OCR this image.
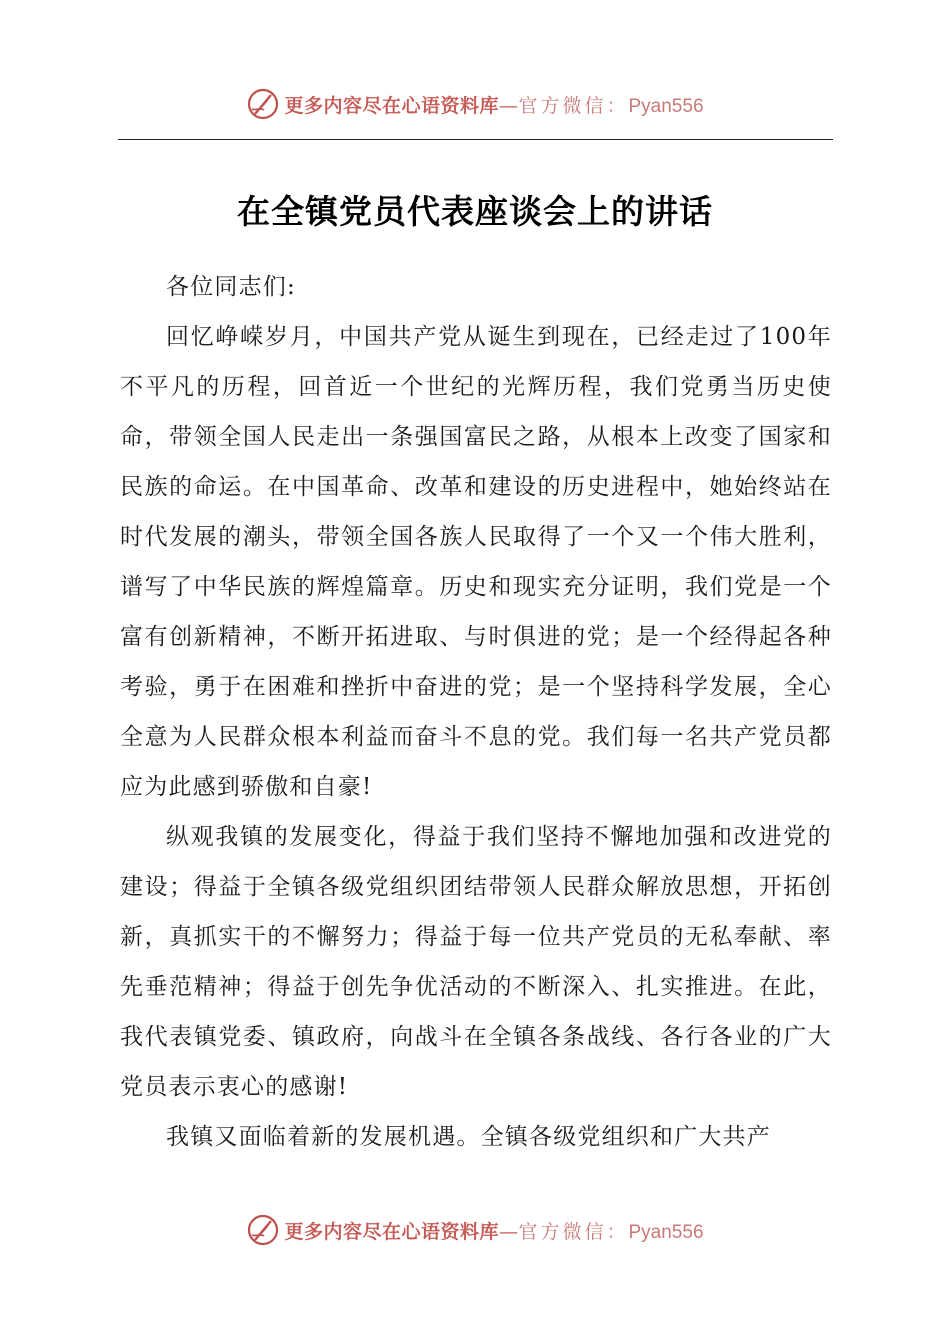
更多内容尽在心语资料库—官方微信：Pyan556
在全镇党员代表座谈会上的讲话

各位同志们:

回忆峥嵘岁月，中国共产党从诞生到现在，已经走过了100年不平凡的历程，回首近一个世纪的光辉历程，我们党勇当历史使命，带领全国人民走出一条强国富民之路，从根本上改变了国家和民族的命运。在中国革命、改革和建设的历史进程中，她始终站在时代发展的潮头，带领全国各族人民取得了一个又一个伟大胜利，谱写了中华民族的辉煌篇章。历史和现实充分证明，我们党是一个富有创新精神，不断开拓进取、与时俱进的党；是一个经得起各种考验，勇于在困难和挫折中奋进的党；是一个坚持科学发展，全心全意为人民群众根本利益而奋斗不息的党。我们每一名共产党员都应为此感到骄傲和自豪!

纵观我镇的发展变化，得益于我们坚持不懈地加强和改进党的建设；得益于全镇各级党组织团结带领人民群众解放思想，开拓创新，真抓实干的不懈努力；得益于每一位共产党员的无私奉献、率先垂范精神；得益于创先争优活动的不断深入、扎实推进。在此，我代表镇党委、镇政府，向战斗在全镇各条战线、各行各业的广大党员表示衷心的感谢!

我镇又面临着新的发展机遇。全镇各级党组织和广大共产

更多内容尽在心语资料库—官方微信：Pyan556
